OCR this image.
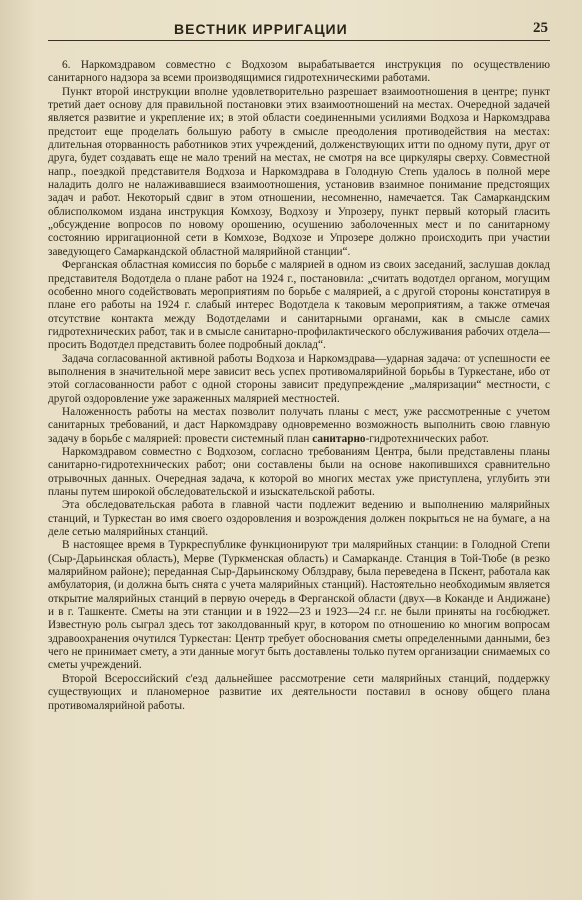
ВЕСТНИК ИРРИГАЦИИ	25

6. Наркомздравом совместно с Водхозом вырабатывается инструкция по осуществлению санитарного надзора за всеми производящимися гидротехническими работами.

Пункт второй инструкции вполне удовлетворительно разрешает взаимоотношения в центре; пункт третий дает основу для правильной постановки этих взаимоотношений на местах. Очередной задачей является развитие и укрепление их; в этой области соединенными усилиями Водхоза и Наркомздрава предстоит еще проделать большую работу в смысле преодоления противодействия на местах: длительная оторванность работников этих учреждений, долженствующих итти по одному пути, друг от друга, будет создавать еще не мало трений на местах, не смотря на все циркуляры сверху. Совместной напр., поездкой представителя Водхоза и Наркомздрава в Голодную Степь удалось в полной мере наладить долго не налаживавшиеся взаимоотношения, установив взаимное понимание предстоящих задач и работ. Некоторый сдвиг в этом отношении, несомненно, намечается. Так Самаркандским облисполкомом издана инструкция Комхозу, Водхозу и Упрозеру, пункт первый который гласить „обсуждение вопросов по новому орошению, осушению заболоченных мест и по санитарному состоянию ирригационной сети в Комхозе, Водхозе и Упрозере должно происходить при участии заведующего Самаркандской областной малярийной станции“.

Ферганская областная комиссия по борьбе с малярией в одном из своих заседаний, заслушав доклад представителя Водотдела о плане работ на 1924 г., постановила: „считать водотдел органом, могущим особенно много содействовать мероприятиям по борьбе с малярией, а с другой стороны констатируя в плане его работы на 1924 г. слабый интерес Водотдела к таковым мероприятиям, а также отмечая отсутствие контакта между Водотделами и санитарными органами, как в смысле самих гидротехнических работ, так и в смысле санитарно-профилактического обслуживания рабочих отдела—просить Водотдел представить более подробный доклад“.

Задача согласованной активной работы Водхоза и Наркомздрава—ударная задача: от успешности ее выполнения в значительной мере зависит весь успех противомалярийной борьбы в Туркестане, ибо от этой согласованности работ с одной стороны зависит предупреждение „маляризации“ местности, с другой оздоровление уже зараженных малярией местностей.

Наложенность работы на местах позволит получать планы с мест, уже рассмотренные с учетом санитарных требований, и даст Наркомздраву одновременно возможность выполнить свою главную задачу в борьбе с малярией: провести системный план санитарно-гидротехнических работ.

Наркомздравом совместно с Водхозом, согласно требованиям Центра, были представлены планы санитарно-гидротехнических работ; они составлены были на основе накопившихся сравнительно отрывочных данных. Очередная задача, к которой во многих местах уже приступлена, углубить эти планы путем широкой обследовательской и изыскательской работы.

Эта обследовательская работа в главной части подлежит ведению и выполнению малярийных станций, и Туркестан во имя своего оздоровления и возрождения должен покрыться не на бумаге, а на деле сетью малярийных станций.

В настоящее время в Туркреспублике функционируют три малярийных станции: в Голодной Степи (Сыр-Дарьинская область), Мерве (Туркменская область) и Самарканде. Станция в Той-Тюбе (в резко малярийном районе); переданная Сыр-Дарьинскому Облздраву, была переведена в Пскент, работала как амбулатория, (и должна быть снята с учета малярийных станций). Настоятельно необходимым является открытие малярийных станций в первую очередь в Ферганской области (двух—в Коканде и Андижане) и в г. Ташкенте. Сметы на эти станции и в 1922—23 и 1923—24 г.г. не были приняты на госбюджет. Известную роль сыграл здесь тот заколдованный круг, в котором по отношению ко многим вопросам здравоохранения очутился Туркестан: Центр требует обоснования сметы определенными данными, без чего не принимает смету, а эти данные могут быть доставлены только путем организации снимаемых со сметы учреждений.

Второй Всероссийский с'езд дальнейшее рассмотрение сети малярийных станций, поддержку существующих и планомерное развитие их деятельности поставил в основу общего плана противомалярийной работы.
